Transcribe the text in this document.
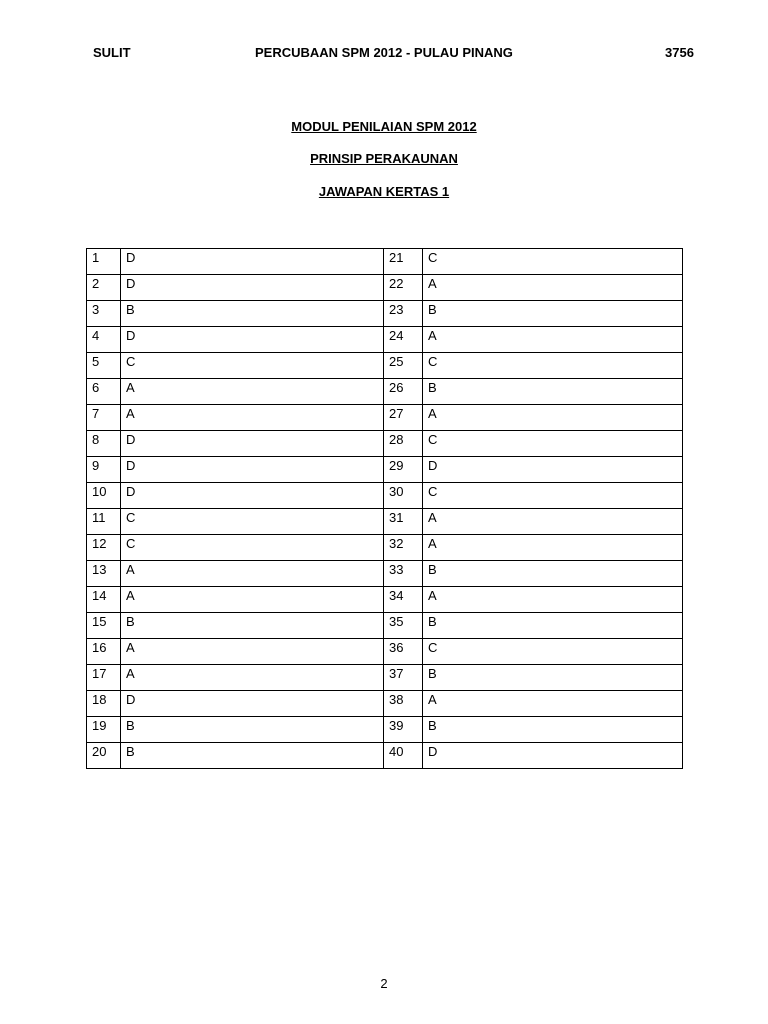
SULIT	PERCUBAAN SPM 2012 - PULAU PINANG	3756
MODUL PENILAIAN SPM 2012
PRINSIP PERAKAUNAN
JAWAPAN KERTAS 1
1	D	21	C
2	D	22	A
3	B	23	B
4	D	24	A
5	C	25	C
6	A	26	B
7	A	27	A
8	D	28	C
9	D	29	D
10	D	30	C
11	C	31	A
12	C	32	A
13	A	33	B
14	A	34	A
15	B	35	B
16	A	36	C
17	A	37	B
18	D	38	A
19	B	39	B
20	B	40	D
2
